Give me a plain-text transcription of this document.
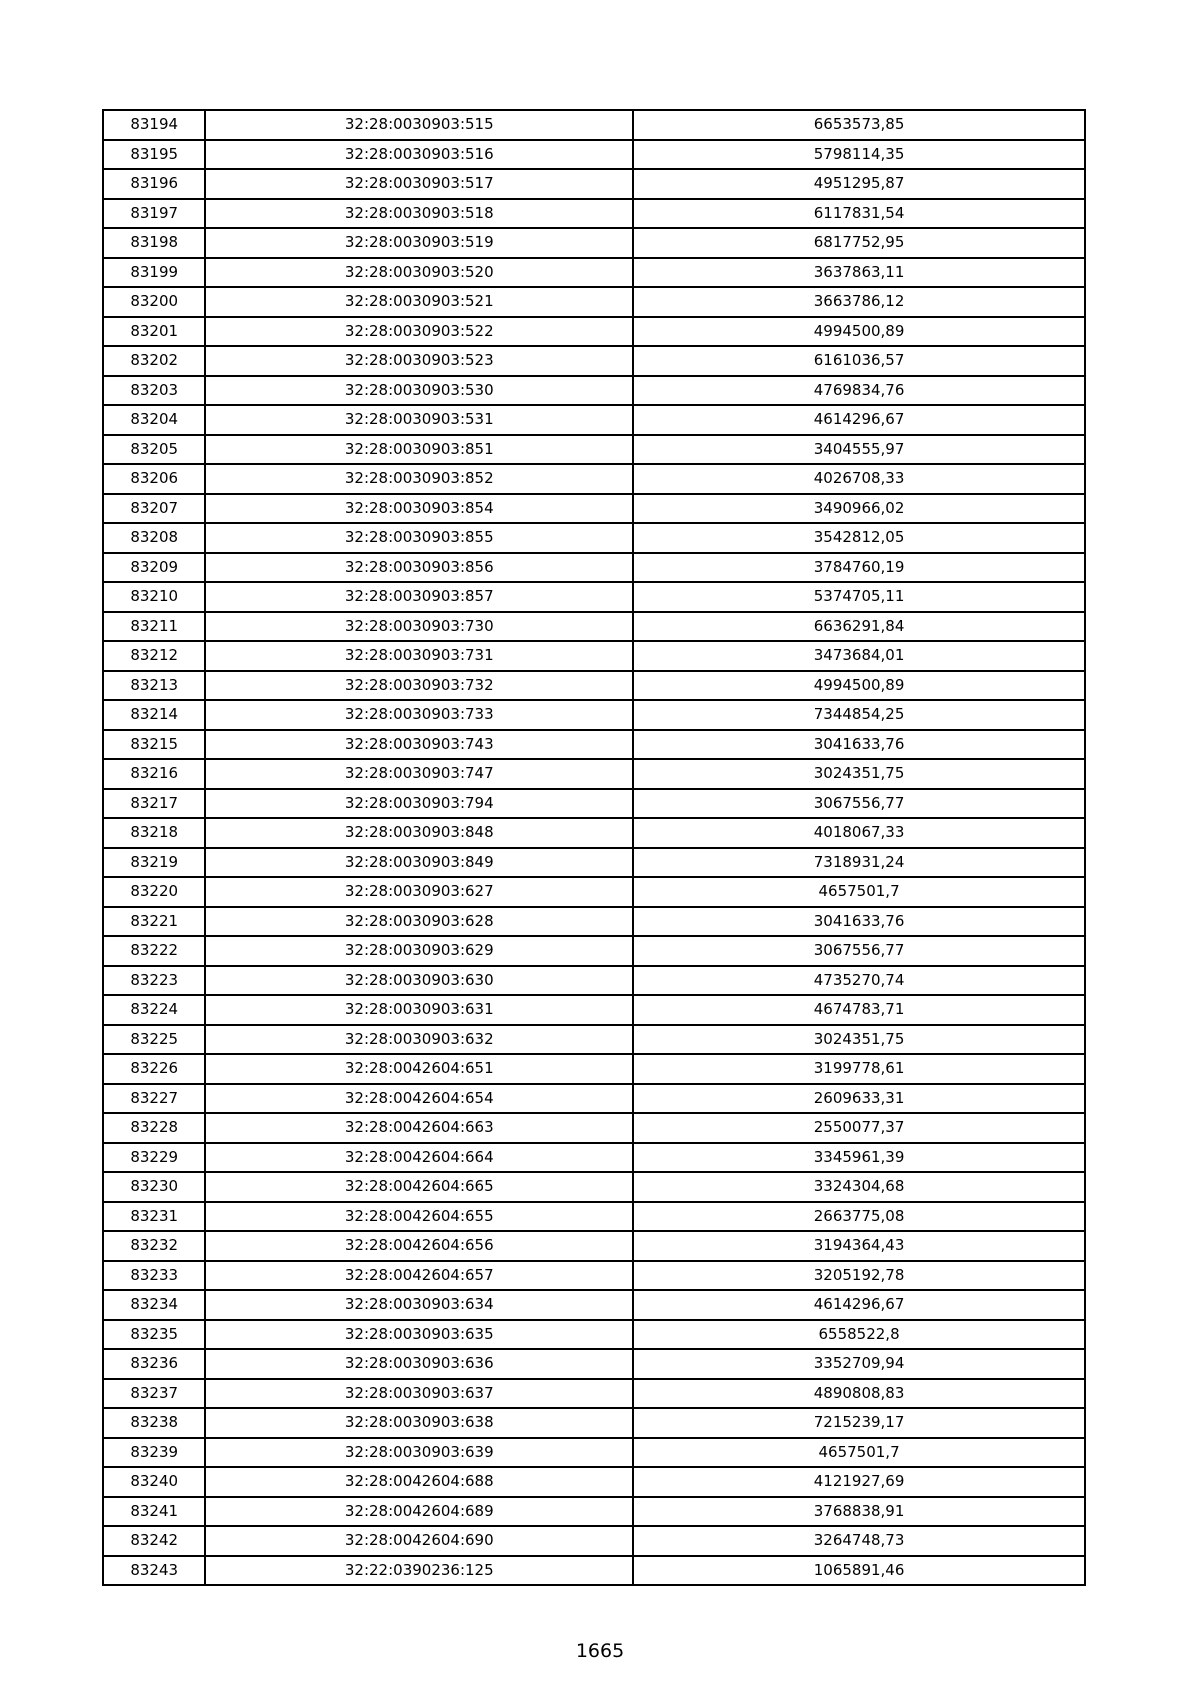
83194	32:28:0030903:515	6653573,85
83195	32:28:0030903:516	5798114,35
83196	32:28:0030903:517	4951295,87
83197	32:28:0030903:518	6117831,54
83198	32:28:0030903:519	6817752,95
83199	32:28:0030903:520	3637863,11
83200	32:28:0030903:521	3663786,12
83201	32:28:0030903:522	4994500,89
83202	32:28:0030903:523	6161036,57
83203	32:28:0030903:530	4769834,76
83204	32:28:0030903:531	4614296,67
83205	32:28:0030903:851	3404555,97
83206	32:28:0030903:852	4026708,33
83207	32:28:0030903:854	3490966,02
83208	32:28:0030903:855	3542812,05
83209	32:28:0030903:856	3784760,19
83210	32:28:0030903:857	5374705,11
83211	32:28:0030903:730	6636291,84
83212	32:28:0030903:731	3473684,01
83213	32:28:0030903:732	4994500,89
83214	32:28:0030903:733	7344854,25
83215	32:28:0030903:743	3041633,76
83216	32:28:0030903:747	3024351,75
83217	32:28:0030903:794	3067556,77
83218	32:28:0030903:848	4018067,33
83219	32:28:0030903:849	7318931,24
83220	32:28:0030903:627	4657501,7
83221	32:28:0030903:628	3041633,76
83222	32:28:0030903:629	3067556,77
83223	32:28:0030903:630	4735270,74
83224	32:28:0030903:631	4674783,71
83225	32:28:0030903:632	3024351,75
83226	32:28:0042604:651	3199778,61
83227	32:28:0042604:654	2609633,31
83228	32:28:0042604:663	2550077,37
83229	32:28:0042604:664	3345961,39
83230	32:28:0042604:665	3324304,68
83231	32:28:0042604:655	2663775,08
83232	32:28:0042604:656	3194364,43
83233	32:28:0042604:657	3205192,78
83234	32:28:0030903:634	4614296,67
83235	32:28:0030903:635	6558522,8
83236	32:28:0030903:636	3352709,94
83237	32:28:0030903:637	4890808,83
83238	32:28:0030903:638	7215239,17
83239	32:28:0030903:639	4657501,7
83240	32:28:0042604:688	4121927,69
83241	32:28:0042604:689	3768838,91
83242	32:28:0042604:690	3264748,73
83243	32:22:0390236:125	1065891,46
1665
